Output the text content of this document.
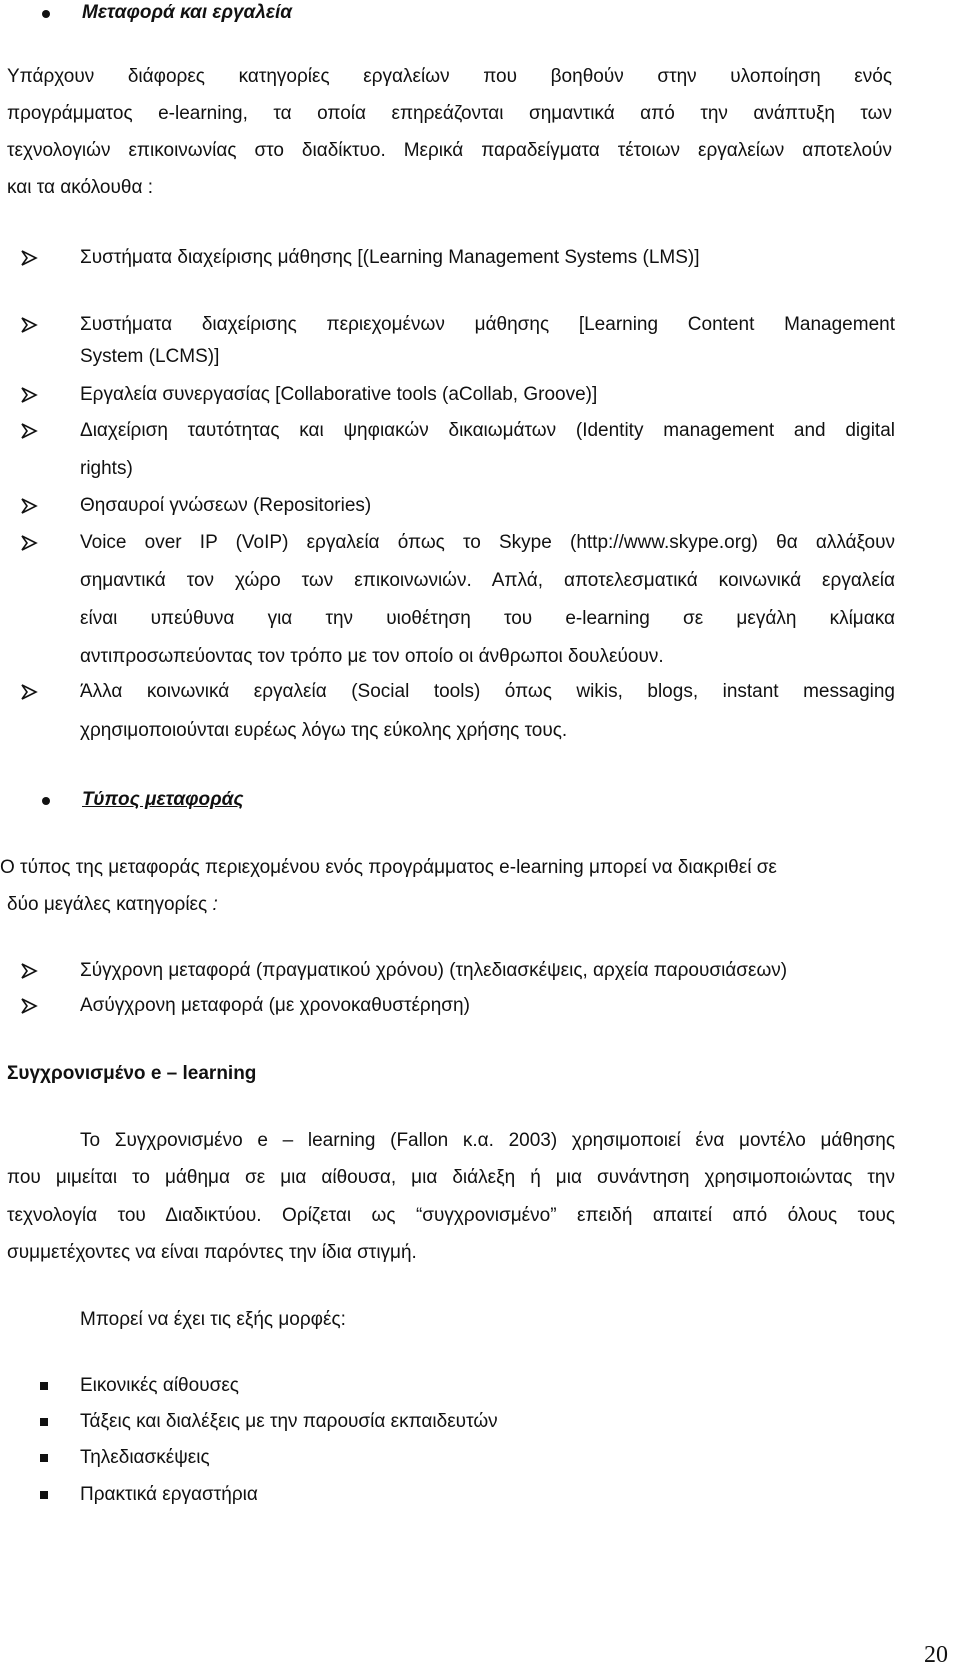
Μεταφορά και εργαλεία
Υπάρχουν διάφορες κατηγορίες εργαλείων που βοηθούν στην υλοποίηση ενός
προγράμματος e-learning, τα οποία επηρεάζονται σημαντικά από την ανάπτυξη των
τεχνολογιών επικοινωνίας στο διαδίκτυο. Μερικά παραδείγματα τέτοιων εργαλείων αποτελούν
και τα ακόλουθα :
Συστήματα διαχείρισης μάθησης [(Learning Management Systems (LMS)]
Συστήματα διαχείρισης περιεχομένων μάθησης [Learning Content Management
System (LCMS)]
Εργαλεία συνεργασίας [Collaborative tools (aCollab, Groove)]
Διαχείριση ταυτότητας και ψηφιακών δικαιωμάτων (Identity management and digital
rights)
Θησαυροί γνώσεων (Repositories)
Voice over IP (VoIP) εργαλεία όπως το Skype (http://www.skype.org) θα αλλάξουν
σημαντικά τον χώρο των επικοινωνιών. Απλά, αποτελεσματικά κοινωνικά εργαλεία
είναι υπεύθυνα για την υιοθέτηση του e-learning σε μεγάλη κλίμακα
αντιπροσωπεύοντας τον τρόπο με τον οποίο οι άνθρωποι δουλεύουν.
Άλλα κοινωνικά εργαλεία (Social tools) όπως wikis, blogs, instant messaging
χρησιμοποιούνται ευρέως λόγω της εύκολης χρήσης τους.
Τύπος μεταφοράς
Ο τύπος της μεταφοράς περιεχομένου ενός προγράμματος e-learning μπορεί να διακριθεί σε
δύο μεγάλες κατηγορίες :
Σύγχρονη μεταφορά (πραγματικού χρόνου) (τηλεδιασκέψεις, αρχεία παρουσιάσεων)
Ασύγχρονη μεταφορά (με χρονοκαθυστέρηση)
Συγχρονισμένο e – learning
Το Συγχρονισμένο e – learning (Fallon κ.α. 2003) χρησιμοποιεί ένα μοντέλο μάθησης
που μιμείται το μάθημα σε μια αίθουσα, μια διάλεξη ή μια συνάντηση χρησιμοποιώντας την
τεχνολογία του Διαδικτύου. Ορίζεται ως “συγχρονισμένο” επειδή απαιτεί από όλους τους
συμμετέχοντες να είναι παρόντες την ίδια στιγμή.
Μπορεί να έχει τις εξής μορφές:
Εικονικές αίθουσες
Τάξεις και διαλέξεις με την παρουσία εκπαιδευτών
Τηλεδιασκέψεις
Πρακτικά εργαστήρια
20
